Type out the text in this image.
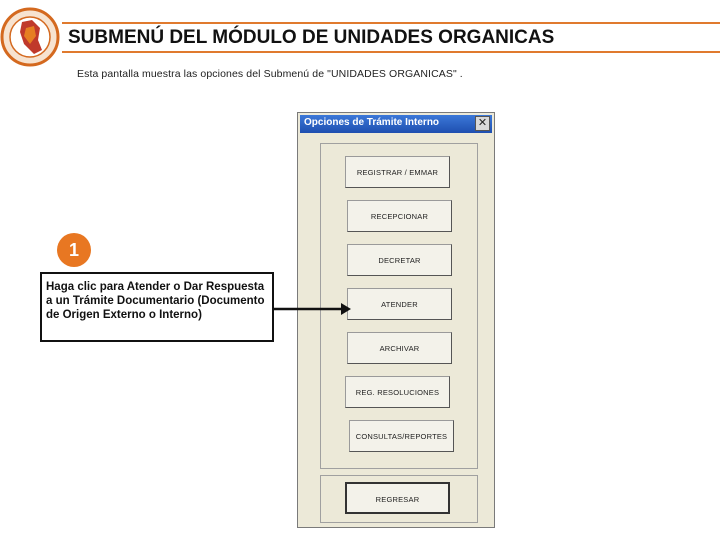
SUBMENÚ DEL MÓDULO DE UNIDADES ORGANICAS
Esta pantalla muestra las opciones del Submenú de "UNIDADES ORGANICAS" .
Opciones de Trámite Interno	✕
REGISTRAR / EMMAR
RECEPCIONAR
DECRETAR
ATENDER
ARCHIVAR
REG. RESOLUCIONES
CONSULTAS/REPORTES
REGRESAR
1
Haga clic para Atender o Dar Respuesta a un Trámite Documentario (Documento de Origen Externo o Interno)
